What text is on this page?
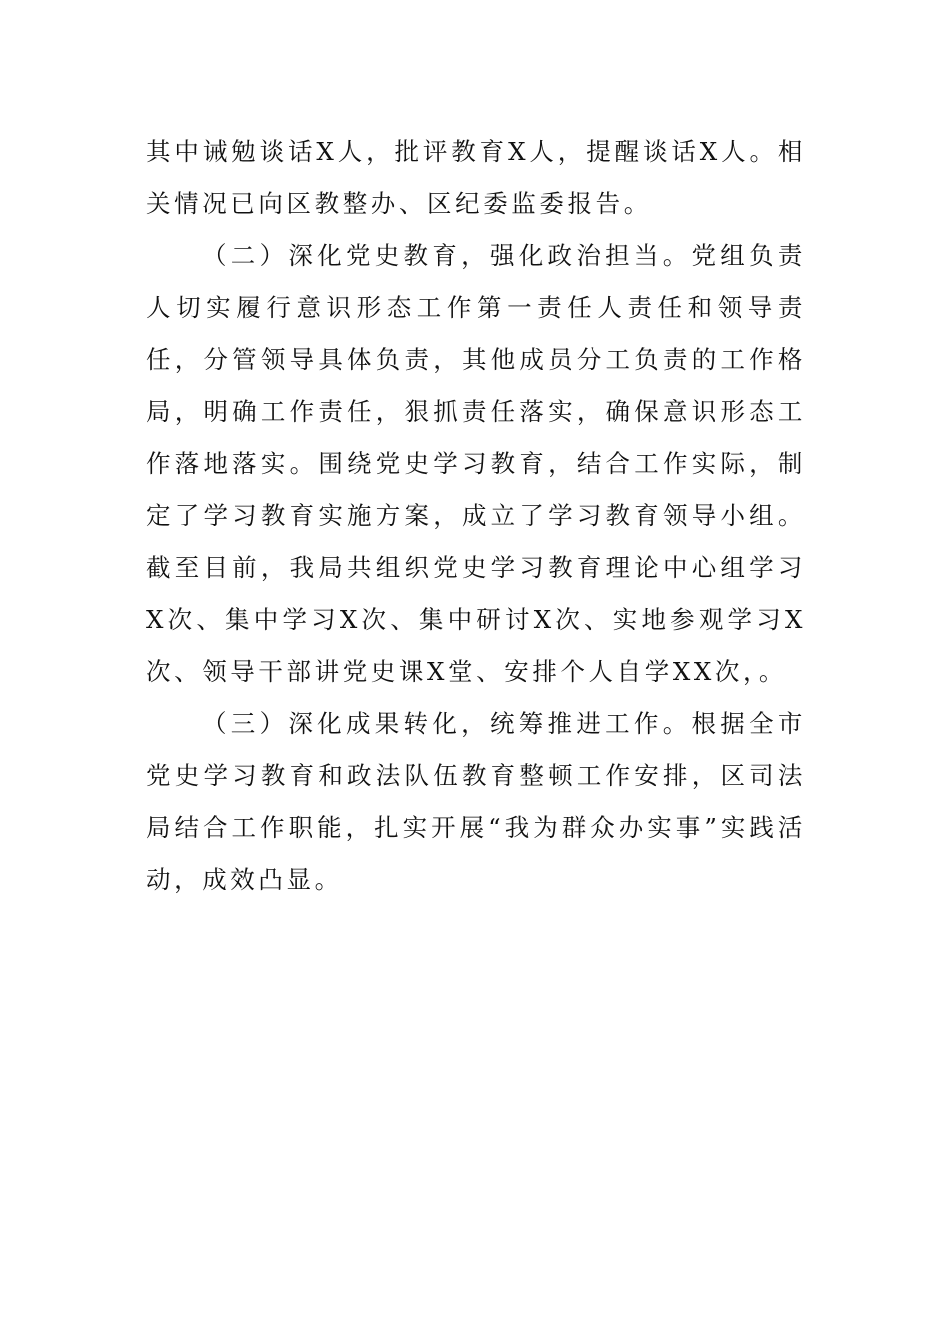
其中诫勉谈话X人，批评教育X人，提醒谈话X人。相关情况已向区教整办、区纪委监委报告。

（二）深化党史教育，强化政治担当。党组负责人切实履行意识形态工作第一责任人责任和领导责任，分管领导具体负责，其他成员分工负责的工作格局，明确工作责任，狠抓责任落实，确保意识形态工作落地落实。围绕党史学习教育，结合工作实际，制定了学习教育实施方案，成立了学习教育领导小组。截至目前，我局共组织党史学习教育理论中心组学习X次、集中学习X次、集中研讨X次、实地参观学习X次、领导干部讲党史课X堂、安排个人自学XX次，。

（三）深化成果转化，统筹推进工作。根据全市党史学习教育和政法队伍教育整顿工作安排，区司法局结合工作职能，扎实开展“我为群众办实事”实践活动，成效凸显。
